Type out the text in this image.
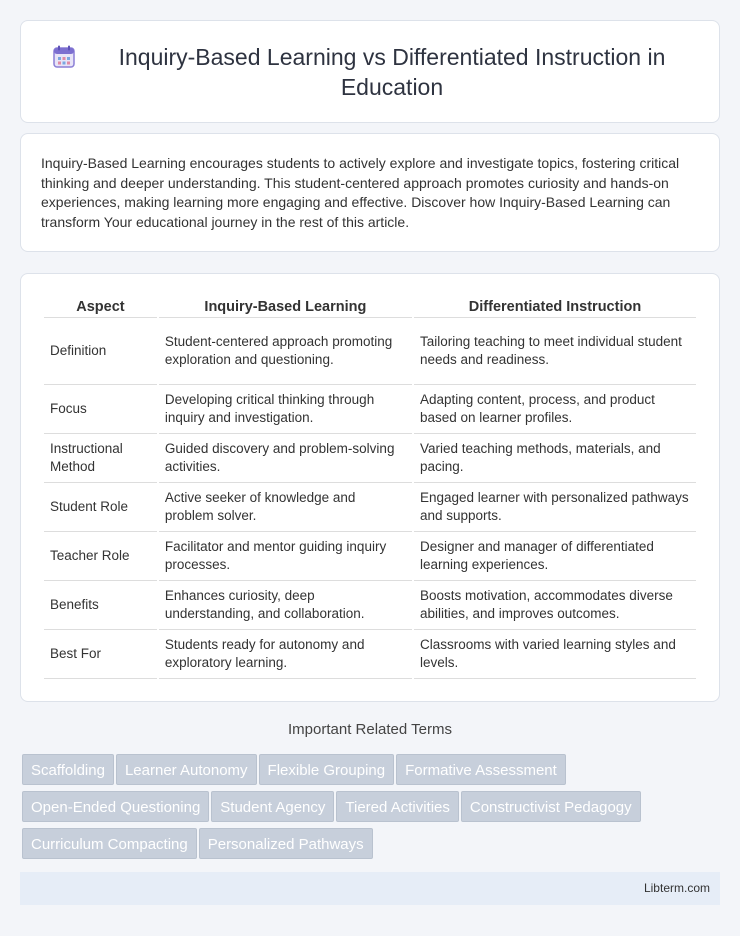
Inquiry-Based Learning vs Differentiated Instruction in Education

Inquiry-Based Learning encourages students to actively explore and investigate topics, fostering critical thinking and deeper understanding. This student-centered approach promotes curiosity and hands-on experiences, making learning more engaging and effective. Discover how Inquiry-Based Learning can transform Your educational journey in the rest of this article.

Aspect	Inquiry-Based Learning	Differentiated Instruction
Definition	Student-centered approach promoting exploration and questioning.	Tailoring teaching to meet individual student needs and readiness.
Focus	Developing critical thinking through inquiry and investigation.	Adapting content, process, and product based on learner profiles.
Instructional Method	Guided discovery and problem-solving activities.	Varied teaching methods, materials, and pacing.
Student Role	Active seeker of knowledge and problem solver.	Engaged learner with personalized pathways and supports.
Teacher Role	Facilitator and mentor guiding inquiry processes.	Designer and manager of differentiated learning experiences.
Benefits	Enhances curiosity, deep understanding, and collaboration.	Boosts motivation, accommodates diverse abilities, and improves outcomes.
Best For	Students ready for autonomy and exploratory learning.	Classrooms with varied learning styles and levels.
Important Related Terms
Scaffolding Learner Autonomy Flexible Grouping Formative Assessment
Open-Ended Questioning Student Agency Tiered Activities Constructivist Pedagogy
Curriculum Compacting Personalized Pathways
Libterm.com
